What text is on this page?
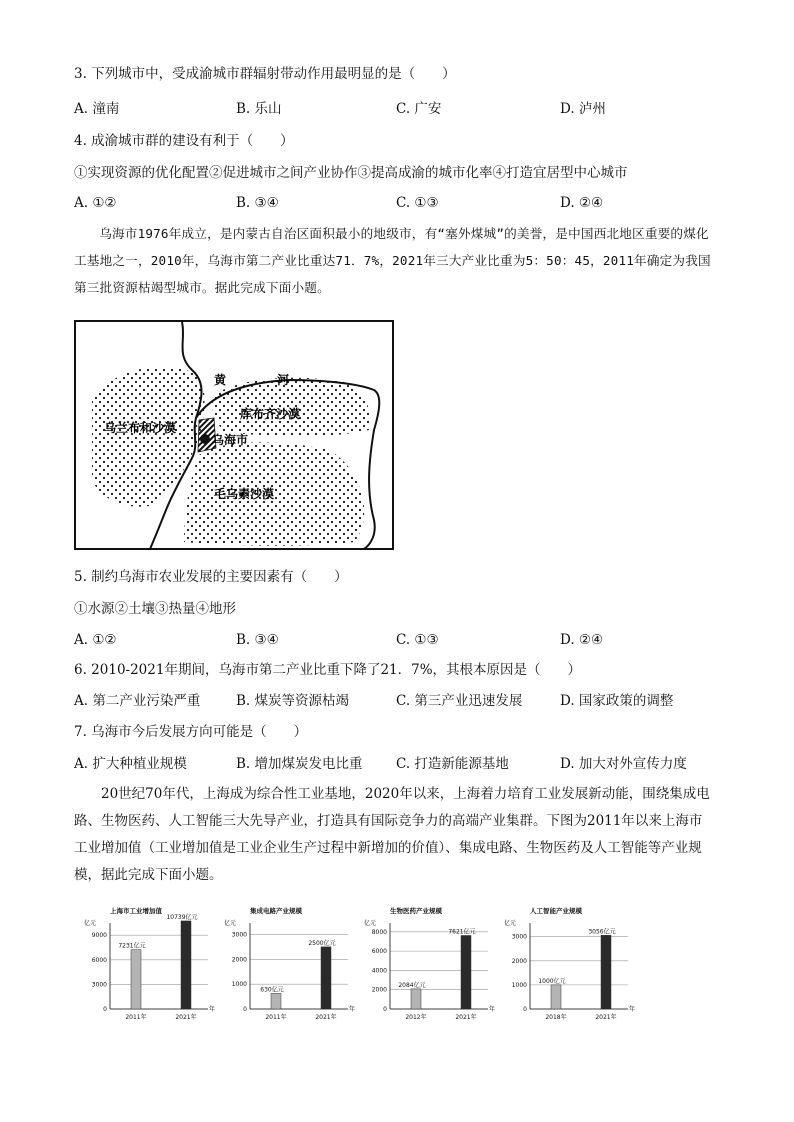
3. 下列城市中，受成渝城市群辐射带动作用最明显的是（　　）
A. 潼南	B. 乐山	C. 广安	D. 泸州
4. 成渝城市群的建设有利于（　　）
①实现资源的优化配置②促进城市之间产业协作③提高成渝的城市化率④打造宜居型中心城市
A. ①②	B. ③④	C. ①③	D. ②④
乌海市1976年成立，是内蒙古自治区面积最小的地级市，有“塞外煤城”的美誉，是中国西北地区重要的煤化工基地之一，2010年，乌海市第二产业比重达71．7%，2021年三大产业比重为5：50：45，2011年确定为我国第三批资源枯竭型城市。据此完成下面小题。
黄	河
库布齐沙漠
乌兰布和沙漠
乌海市
毛乌素沙漠
5. 制约乌海市农业发展的主要因素有（　　）
①水源②土壤③热量④地形
A. ①②	B. ③④	C. ①③	D. ②④
6. 2010-2021年期间，乌海市第二产业比重下降了21．7%，其根本原因是（　　）
A. 第二产业污染严重	B. 煤炭等资源枯竭	C. 第三产业迅速发展	D. 国家政策的调整
7. 乌海市今后发展方向可能是（　　）
A. 扩大种植业规模	B. 增加煤炭发电比重 C. 打造新能源基地	D. 加大对外宣传力度
20世纪70年代，上海成为综合性工业基地，2020年以来，上海着力培育工业发展新动能，围绕集成电路、生物医药、人工智能三大先导产业，打造具有国际竞争力的高端产业集群。下图为2011年以来上海市工业增加值（工业增加值是工业企业生产过程中新增加的价值）、集成电路、生物医药及人工智能等产业规模，据此完成下面小题。
上海市工业增加值
亿元
0
3000
6000
9000
年
7231亿元
2011年
10739亿元
2021年
集成电路产业规模
亿元
0
1000
2000
3000
年
630亿元
2011年
2500亿元
2021年
生物医药产业规模
亿元
0
2000
4000
6000
8000
年
2084亿元
2012年
7621亿元
2021年
人工智能产业规模
亿元
0
1000
2000
3000
年
1000亿元
2018年
3056亿元
2021年
